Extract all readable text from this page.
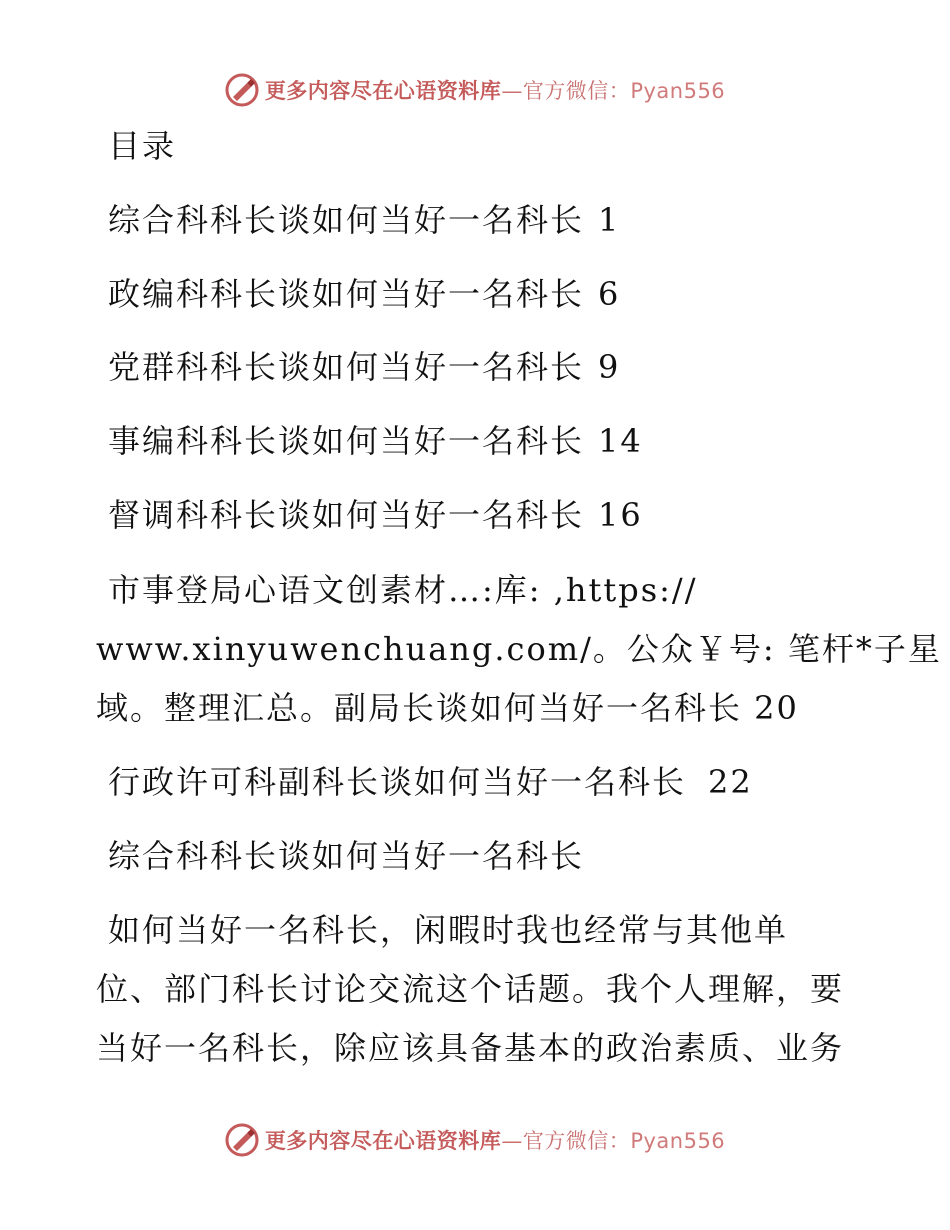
更多内容尽在心语资料库—官方微信：Pyan556
目录
综合科科长谈如何当好一名科长 1
政编科科长谈如何当好一名科长 6
党群科科长谈如何当好一名科长 9
事编科科长谈如何当好一名科长 14
督调科科长谈如何当好一名科长 16
市事登局心语文创素材…:库: ,https://
www.xinyuwenchuang.com/。公众￥号: 笔杆*子星
域。整理汇总。副局长谈如何当好一名科长 20
行政许可科副科长谈如何当好一名科长 22
综合科科长谈如何当好一名科长
如何当好一名科长，闲暇时我也经常与其他单
位、部门科长讨论交流这个话题。我个人理解，要
当好一名科长，除应该具备基本的政治素质、业务
更多内容尽在心语资料库—官方微信：Pyan556
